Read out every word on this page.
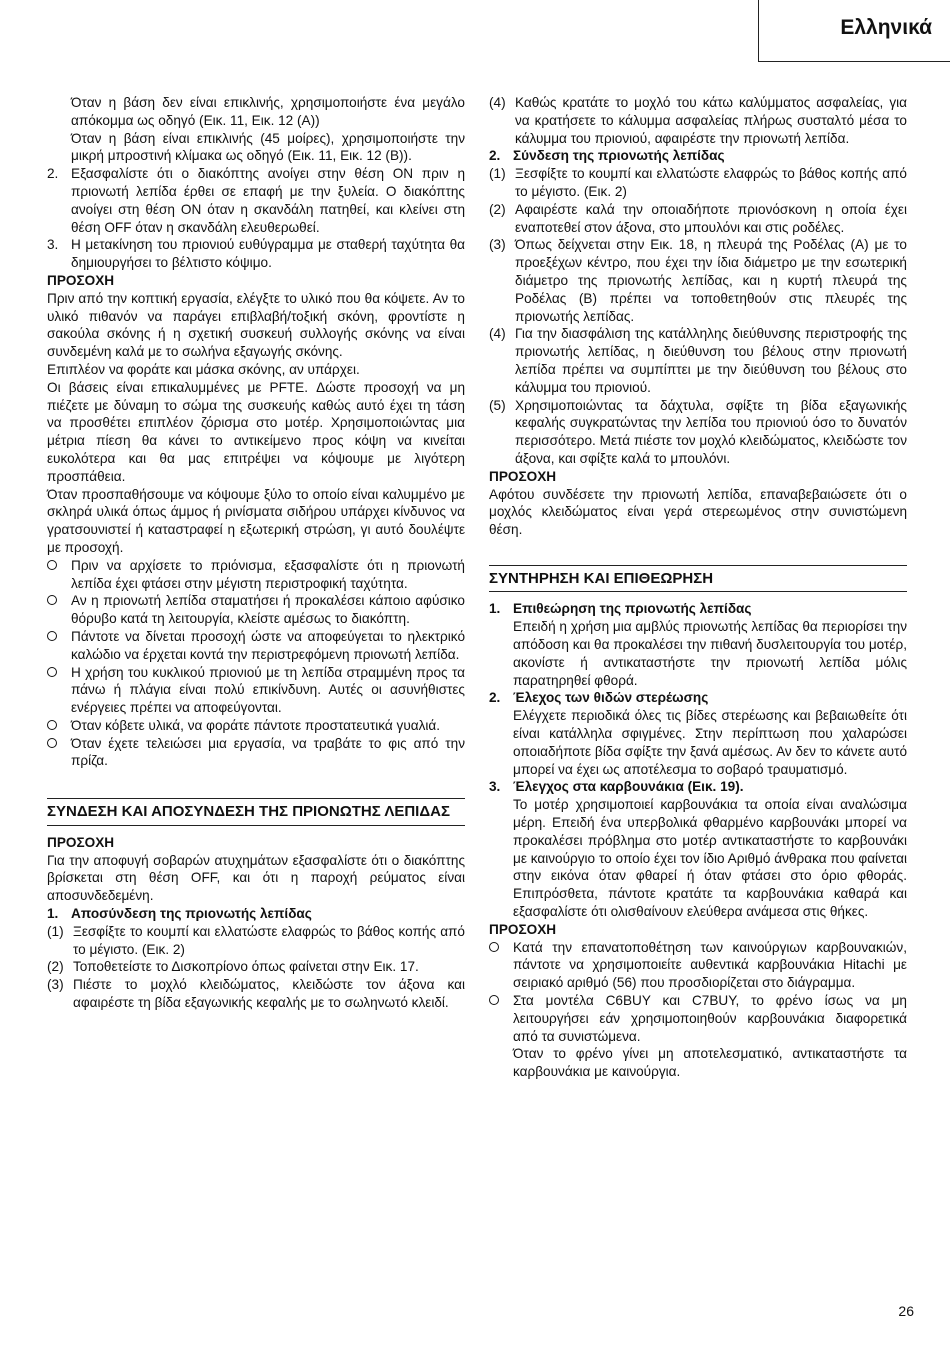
Ελληνικά

Όταν η βάση δεν είναι επικλινής, χρησιμοποιήστε ένα μεγάλο απόκομμα ως οδηγό (Εικ. 11, Εικ. 12 (A))

Όταν η βάση είναι επικλινής (45 μοίρες), χρησιμοποιήστε την μικρή μπροστινή κλίμακα ως οδηγό (Εικ. 11, Εικ. 12 (B)).

2. Εξασφαλίστε ότι ο διακόπτης ανοίγει στην θέση ON πριν η πριονωτή λεπίδα έρθει σε επαφή με την ξυλεία. Ο διακόπτης ανοίγει στη θέση ON όταν η σκανδάλη πατηθεί, και κλείνει στη θέση OFF όταν η σκανδάλη ελευθερωθεί.
3. Η μετακίνηση του πριονιού ευθύγραμμα με σταθερή ταχύτητα θα δημιουργήσει το βέλτιστο κόψιμο.

ΠΡΟΣΟΧΗ

Πριν από την κοπτική εργασία, ελέγξτε το υλικό που θα κόψετε. Αν το υλικό πιθανόν να παράγει επιβλαβή/τοξική σκόνη, φροντίστε η σακούλα σκόνης ή η σχετική συσκευή συλλογής σκόνης να είναι συνδεμένη καλά με το σωλήνα εξαγωγής σκόνης.

Επιπλέον να φοράτε και μάσκα σκόνης, αν υπάρχει.

Οι βάσεις είναι επικαλυμμένες με PFTE. Δώστε προσοχή να μη πιέζετε με δύναμη το σώμα της συσκευής καθώς αυτό έχει τη τάση να προσθέτει επιπλέον ζόρισμα στο μοτέρ. Χρησιμοποιώντας μια μέτρια πίεση θα κάνει το αντικείμενο προς κόψη να κινείται ευκολότερα και θα μας επιτρέψει να κόψουμε με λιγότερη προσπάθεια.

Όταν προσπαθήσουμε να κόψουμε ξύλο το οποίο είναι καλυμμένο με σκληρά υλικά όπως άμμος ή ρινίσματα σιδήρου υπάρχει κίνδυνος να γρατσουνιστεί ή καταστραφεί η εξωτερική στρώση, γι αυτό δουλέψτε με προσοχή.

Πριν να αρχίσετε το πριόνισμα, εξασφαλίστε ότι η πριονωτή λεπίδα έχει φτάσει στην μέγιστη περιστροφική ταχύτητα.
Αν η πριονωτή λεπίδα σταματήσει ή προκαλέσει κάποιο αφύσικο θόρυβο κατά τη λειτουργία, κλείστε αμέσως το διακόπτη.
Πάντοτε να δίνεται προσοχή ώστε να αποφεύγεται το ηλεκτρικό καλώδιο να έρχεται κοντά την περιστρεφόμενη πριονωτή λεπίδα.
Η χρήση του κυκλικού πριονιού με τη λεπίδα στραμμένη προς τα πάνω ή πλάγια είναι πολύ επικίνδυνη. Αυτές οι ασυνήθιστες ενέργειες πρέπει να αποφεύγονται.
Όταν κόβετε υλικά, να φοράτε πάντοτε προστατευτικά γυαλιά.
Όταν έχετε τελειώσει μια εργασία, να τραβάτε το φις από την πρίζα.
ΣΥΝΔΕΣΗ ΚΑΙ ΑΠΟΣΥΝΔΕΣΗ ΤΗΣ ΠΡΙΟΝΩΤΗΣ ΛΕΠΙΔΑΣ

ΠΡΟΣΟΧΗ

Για την αποφυγή σοβαρών ατυχημάτων εξασφαλίστε ότι ο διακόπτης βρίσκεται στη θέση OFF, και ότι η παροχή ρεύματος είναι αποσυνδεδεμένη.

1. Αποσύνδεση της πριονωτής λεπίδας
(1) Ξεσφίξτε το κουμπί και ελλατώστε ελαφρώς το βάθος κοπής από το μέγιστο. (Εικ. 2)
(2) Τοποθετείστε το Δισκοπρίονο όπως φαίνεται στην Εικ. 17.
(3) Πιέστε το μοχλό κλειδώματος, κλειδώστε τον άξονα και αφαιρέστε τη βίδα εξαγωνικής κεφαλής με το σωληνωτό κλειδί.
(4) Καθώς κρατάτε το μοχλό του κάτω καλύμματος ασφαλείας, για να κρατήσετε το κάλυμμα ασφαλείας πλήρως συσταλτό μέσα το κάλυμμα του πριονιού, αφαιρέστε την πριονωτή λεπίδα.
2. Σύνδεση της πριονωτής λεπίδας
(1) Ξεσφίξτε το κουμπί και ελλατώστε ελαφρώς το βάθος κοπής από το μέγιστο. (Εικ. 2)
(2) Αφαιρέστε καλά την οποιαδήποτε πριονόσκονη η οποία έχει εναποτεθεί στον άξονα, στο μπουλόνι και στις ροδέλες.
(3) Όπως δείχνεται στην Εικ. 18, η πλευρά της Ροδέλας (A) με το προεξέχων κέντρο, που έχει την ίδια διάμετρο με την εσωτερική διάμετρο της πριονωτής λεπίδας, και η κυρτή πλευρά της Ροδέλας (B) πρέπει να τοποθετηθούν στις πλευρές της πριονωτής λεπίδας.
(4) Για την διασφάλιση της κατάλληλης διεύθυνσης περιστροφής της πριονωτής λεπίδας, η διεύθυνση του βέλους στην πριονωτή λεπίδα πρέπει να συμπίπτει με την διεύθυνση του βέλους στο κάλυμμα του πριονιού.
(5) Χρησιμοποιώντας τα δάχτυλα, σφίξτε τη βίδα εξαγωνικής κεφαλής συγκρατώντας την λεπίδα του πριονιού όσο το δυνατόν περισσότερο. Μετά πιέστε τον μοχλό κλειδώματος, κλειδώστε τον άξονα, και σφίξτε καλά το μπουλόνι.

ΠΡΟΣΟΧΗ

Αφότου συνδέσετε την πριονωτή λεπίδα, επαναβεβαιώσετε ότι ο μοχλός κλειδώματος είναι γερά στερεωμένος στην συνιστώμενη θέση.

ΣΥΝΤΗΡΗΣΗ ΚΑΙ ΕΠΙΘΕΩΡΗΣΗ
1. Επιθεώρηση της πριονωτής λεπίδας
Επειδή η χρήση μια αμβλύς πριονωτής λεπίδας θα περιορίσει την απόδοση και θα προκαλέσει την πιθανή δυσλειτουργία του μοτέρ, ακονίστε ή αντικαταστήστε την πριονωτή λεπίδα μόλις παρατηρηθεί φθορά.
2. Έλεχος των θιδών στερέωσης
Ελέγχετε περιοδικά όλες τις βίδες στερέωσης και βεβαιωθείτε ότι είναι κατάλληλα σφιγμένες. Στην περίπτωση που χαλαρώσει οποιαδήποτε βίδα σφίξτε την ξανά αμέσως. Αν δεν το κάνετε αυτό μπορεί να έχει ως αποτέλεσμα το σοβαρό τραυματισμό.
3. Έλεγχος στα καρβουνάκια (Εικ. 19).
Το μοτέρ χρησιμοποιεί καρβουνάκια τα οποία είναι αναλώσιμα μέρη. Επειδή ένα υπερβολικά φθαρμένο καρβουνάκι μπορεί να προκαλέσει πρόβλημα στο μοτέρ αντικαταστήστε το καρβουνάκι με καινούργιο το οποίο έχει τον ίδιο Αριθμό άνθρακα που φαίνεται στην εικόνα όταν φθαρεί ή όταν φτάσει στο όριο φθοράς. Επιπρόσθετα, πάντοτε κρατάτε τα καρβουνάκια καθαρά και εξασφαλίστε ότι ολισθαίνουν ελεύθερα ανάμεσα στις θήκες.

ΠΡΟΣΟΧΗ

Κατά την επανατοποθέτηση των καινούργιων καρβουνακιών, πάντοτε να χρησιμοποιείτε αυθεντικά καρβουνάκια Hitachi με σειριακό αριθμό (56) που προσδιορίζεται στο διάγραμμα.
Στα μοντέλα C6BUY και C7BUY, το φρένο ίσως να μη λειτουργήσει εάν χρησιμοποιηθούν καρβουνάκια διαφορετικά από τα συνιστώμενα.

Όταν το φρένο γίνει μη αποτελεσματικό, αντικαταστήστε τα καρβουνάκια με καινούργια.

26
